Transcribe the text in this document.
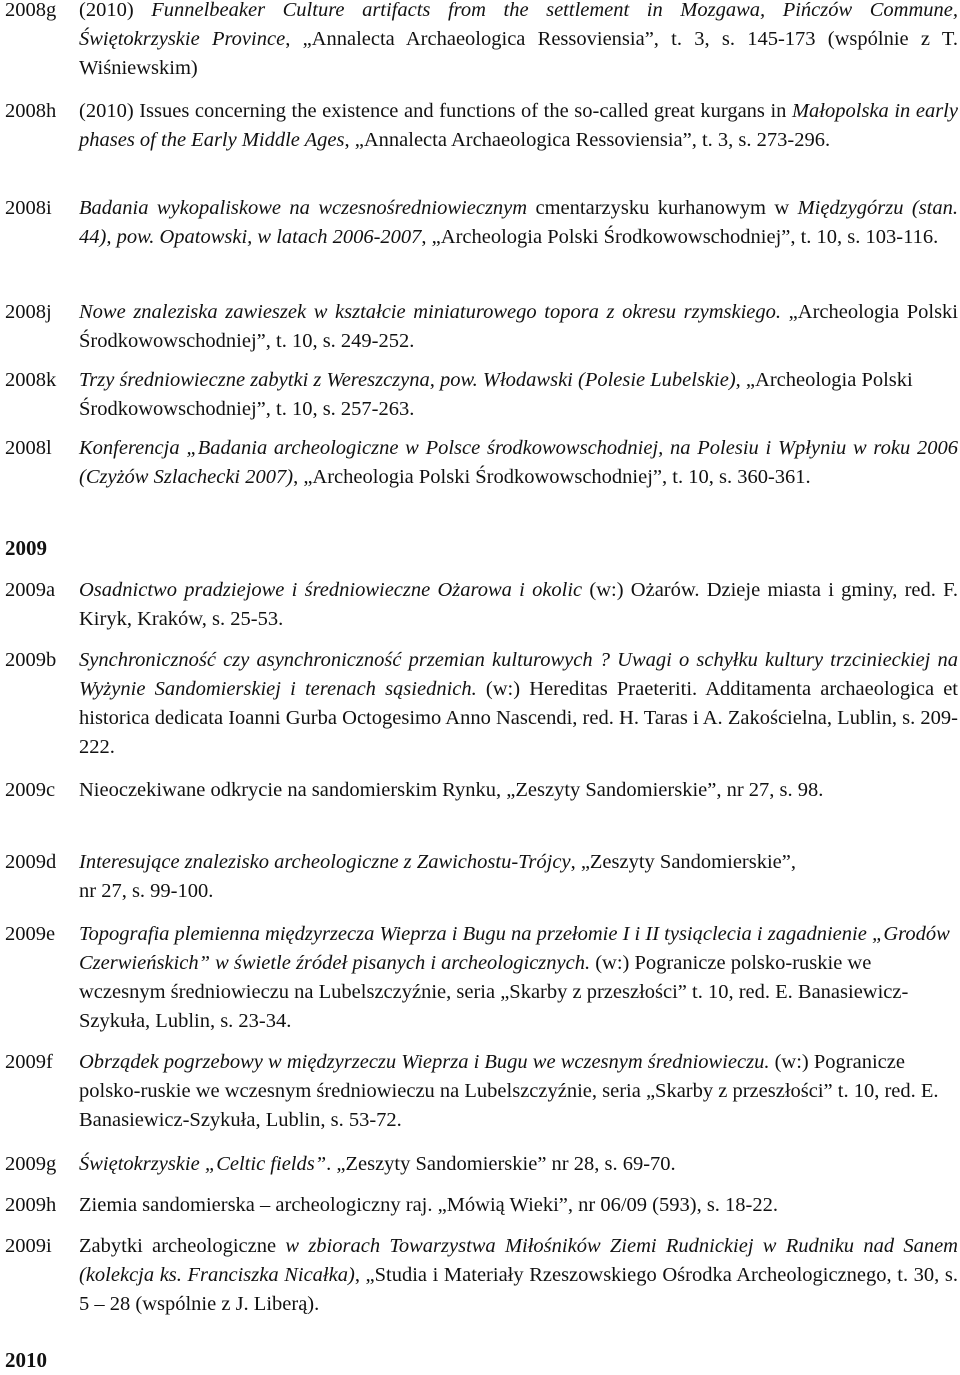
2008g (2010) Funnelbeaker Culture artifacts from the settlement in Mozgawa, Pińczów Commune, Świętokrzyskie Province, „Annalecta Archaeologica Ressoviensia”, t. 3, s. 145-173 (wspólnie z T. Wiśniewskim)
2008h (2010) Issues concerning the existence and functions of the so-called great kurgans in Małopolska in early phases of the Early Middle Ages, „Annalecta Archaeologica Ressoviensia”, t. 3, s. 273-296.
2008i Badania wykopaliskowe na wczesnośredniowiecznym cmentarzysku kurhanowym w Międzygórzu (stan. 44), pow. Opatowski, w latach 2006-2007, „Archeologia Polski Środkowowschodniej”, t. 10, s. 103-116.
2008j Nowe znaleziska zawieszek w kształcie miniaturowego topora z okresu rzymskiego. „Archeologia Polski Środkowowschodniej”, t. 10, s. 249-252.
2008k Trzy średniowieczne zabytki z Wereszczyna, pow. Włodawski (Polesie Lubelskie), „Archeologia Polski Środkowowschodniej”, t. 10, s. 257-263.
2008l Konferencja „Badania archeologiczne w Polsce środkowowschodniej, na Polesiu i Wpłyniu w roku 2006 (Czyżów Szlachecki 2007), „Archeologia Polski Środkowowschodniej”, t. 10, s. 360-361.
2009
2009a Osadnictwo pradziejowe i średniowieczne Ożarowa i okolic (w:) Ożarów. Dzieje miasta i gminy, red. F. Kiryk, Kraków, s. 25-53.
2009b Synchroniczność czy asynchroniczność przemian kulturowych ? Uwagi o schyłku kultury trzcinieckiej na Wyżynie Sandomierskiej i terenach sąsiednich. (w:) Hereditas Praeteriti. Additamenta archaeologica et historica dedicata Ioanni Gurba Octogesimo Anno Nascendi, red. H. Taras i A. Zakościelna, Lublin, s. 209-222.
2009c Nieoczekiwane odkrycie na sandomierskim Rynku, „Zeszyty Sandomierskie”, nr 27, s. 98.
2009d Interesujące znalezisko archeologiczne z Zawichostu-Trójcy, „Zeszyty Sandomierskie”, nr 27, s. 99-100.
2009e Topografia plemienna międzyrzecza Wieprza i Bugu na przełomie I i II tysiąclecia i zagadnienie „Grodów Czerwieńskich” w świetle źródeł pisanych i archeologicznych. (w:) Pogranicze polsko-ruskie we wczesnym średniowieczu na Lubelszczyźnie, seria „Skarby z przeszłości” t. 10, red. E. Banasiewicz-Szykuła, Lublin, s. 23-34.
2009f Obrządek pogrzebowy w międzyrzeczu Wieprza i Bugu we wczesnym średniowieczu. (w:) Pogranicze polsko-ruskie we wczesnym średniowieczu na Lubelszczyźnie, seria „Skarby z przeszłości” t. 10, red. E. Banasiewicz-Szykuła, Lublin, s. 53-72.
2009g Świętokrzyskie „Celtic fields”. „Zeszyty Sandomierskie” nr 28, s. 69-70.
2009h Ziemia sandomierska – archeologiczny raj. „Mówią Wieki”, nr 06/09 (593), s. 18-22.
2009i Zabytki archeologiczne w zbiorach Towarzystwa Miłośników Ziemi Rudnickiej w Rudniku nad Sanem (kolekcja ks. Franciszka Nicałka), „Studia i Materiały Rzeszowskiego Ośrodka Archeologicznego, t. 30, s. 5 – 28 (wspólnie z J. Liberą).
2010
